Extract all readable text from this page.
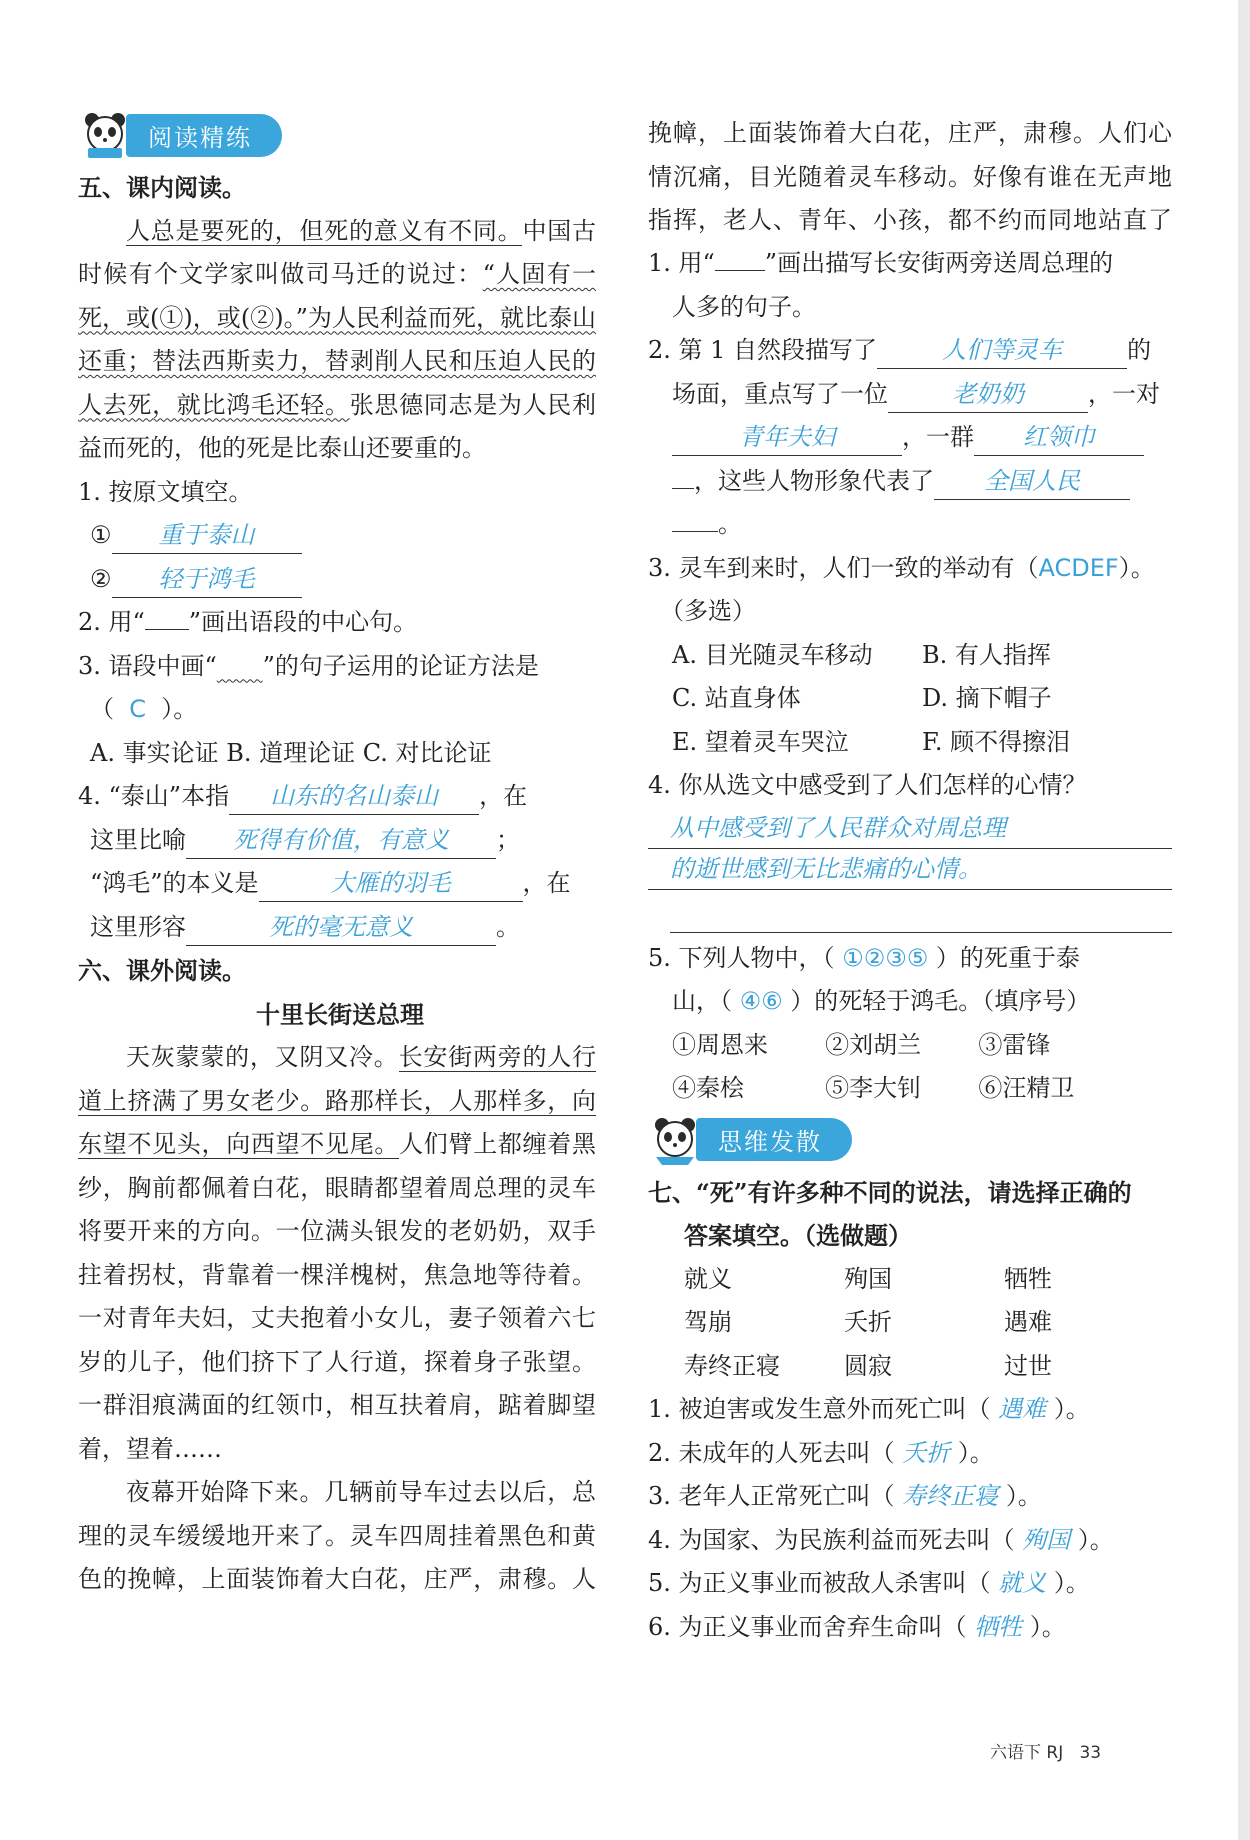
阅读精练
五、课内阅读。
人总是要死的，但死的意义有不同。中国古时候有个文学家叫做司马迁的说过：“人固有一死，或(①)，或(②)。”为人民利益而死，就比泰山还重；替法西斯卖力，替剥削人民和压迫人民的人去死，就比鸿毛还轻。张思德同志是为人民利益而死的，他的死是比泰山还要重的。
1. 按原文填空。
① 重于泰山
② 轻于鸿毛
2. 用“ ”画出语段的中心句。
3. 语段中画“ ”的句子运用的论证方法是
（ C ）。
A. 事实论证 B. 道理论证 C. 对比论证
4. “泰山”本指 山东的名山泰山 ，在
这里比喻 死得有价值，有意义 ；
“鸿毛”的本义是	大雁的羽毛	，在
这里形容	死的毫无意义	。
六、课外阅读。
十里长街送总理
天灰蒙蒙的，又阴又冷。长安街两旁的人行道上挤满了男女老少。路那样长，人那样多，向东望不见头，向西望不见尾。人们臂上都缠着黑纱，胸前都佩着白花，眼睛都望着周总理的灵车将要开来的方向。一位满头银发的老奶奶，双手拄着拐杖，背靠着一棵洋槐树，焦急地等待着。一对青年夫妇，丈夫抱着小女儿，妻子领着六七岁的儿子，他们挤下了人行道，探着身子张望。一群泪痕满面的红领巾，相互扶着肩，踮着脚望着，望着……
夜幕开始降下来。几辆前导车过去以后，总理的灵车缓缓地开来了。灵车四周挂着黑色和黄色的挽幛，上面装饰着大白花，庄严，肃穆。人
挽幛，上面装饰着大白花，庄严，肃穆。人们心情沉痛，目光随着灵车移动。好像有谁在无声地指挥，老人、青年、小孩，都不约而同地站直了
1. 用“ ”画出描写长安街两旁送周总理的
人多的句子。
2. 第 1 自然段描写了	人们等灵车	的
场面，重点写了一位	老奶奶	，一对
青年夫妇	，一群 红领巾
，这些人物形象代表了 全国人民
。
3. 灵车到来时，人们一致的举动有（ACDEF）。
（多选）
A. 目光随灵车移动	B. 有人指挥
C. 站直身体	D. 摘下帽子
E. 望着灵车哭泣	F. 顾不得擦泪
4. 你从选文中感受到了人们怎样的心情？
从中感受到了人民群众对周总理
的逝世感到无比悲痛的心情。
5. 下列人物中，（ ①②③⑤ ）的死重于泰
山，（ ④⑥ ）的死轻于鸿毛。（填序号）
①周恩来	②刘胡兰	③雷锋
④秦桧	⑤李大钊	⑥汪精卫
思维发散
七、“死”有许多种不同的说法，请选择正确的
答案填空。（选做题）
就义	殉国	牺牲
驾崩	夭折	遇难
寿终正寝	圆寂	过世
1. 被迫害或发生意外而死亡叫（ 遇难 ）。
2. 未成年的人死去叫（ 夭折 ）。
3. 老年人正常死亡叫（ 寿终正寝 ）。
4. 为国家、为民族利益而死去叫（ 殉国 ）。
5. 为正义事业而被敌人杀害叫（ 就义 ）。
6. 为正义事业而舍弃生命叫（ 牺牲 ）。
六语下 RJ 33
